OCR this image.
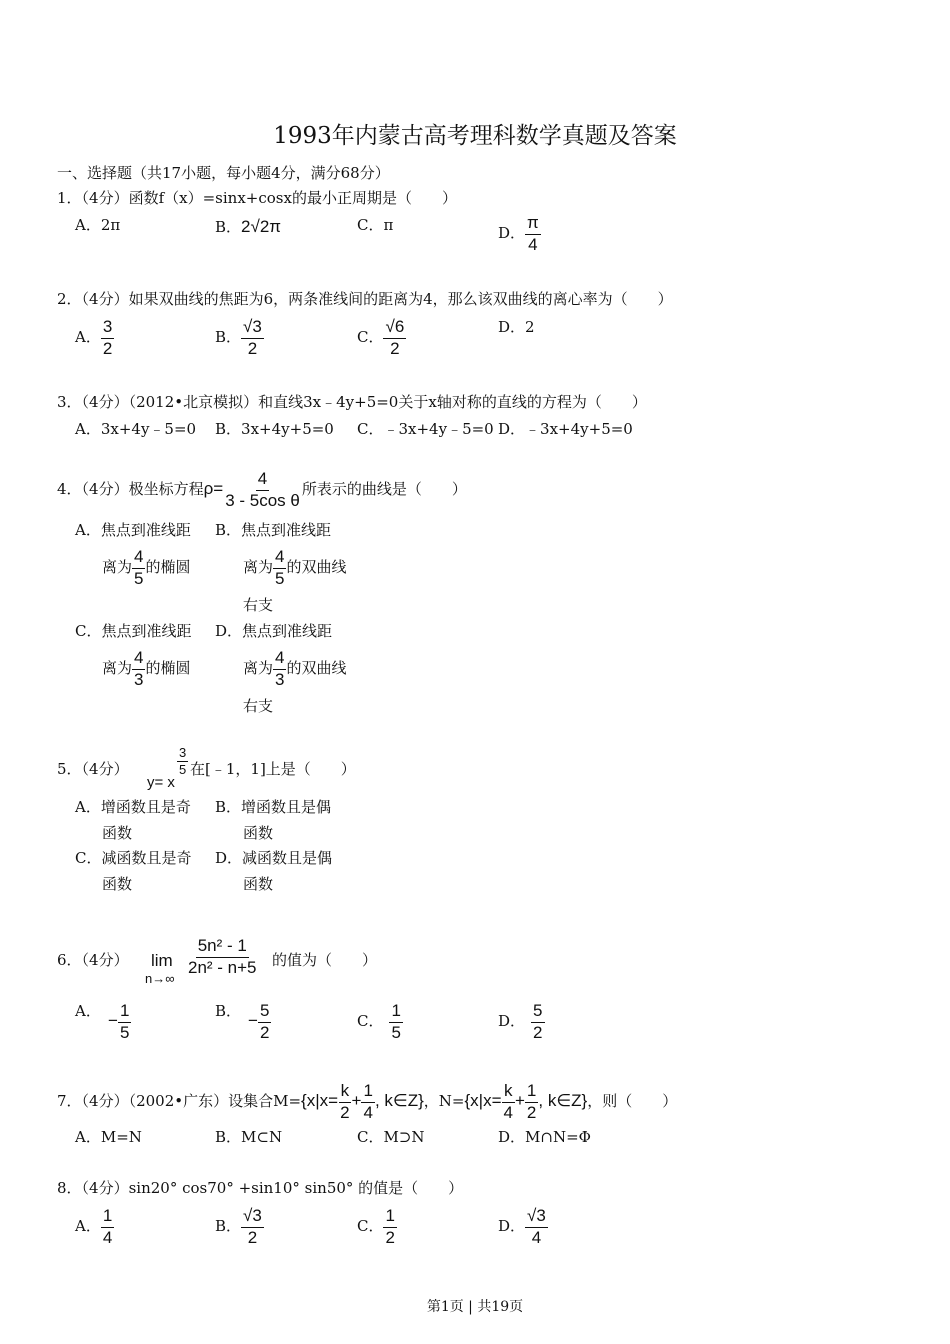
1993年内蒙古高考理科数学真题及答案
一、选择题（共17小题，每小题4分，满分68分）
1．（4分）函数f（x）=sinx+cosx的最小正周期是（　　）
A．2π	B．2√2π	C．π	D． $\frac{\pi}{4}$
2．（4分）如果双曲线的焦距为6，两条准线间的距离为4，那么该双曲线的离心率为（　　）
A． $\frac{3}{2}$	B． $\frac{√3}{2}$	C． $\frac{√6}{2}$	D．2
3．（4分）（2012•北京模拟）和直线3x﹣4y+5=0关于x轴对称的直线的方程为（　　）
A．3x+4y﹣5=0 B．3x+4y+5=0 C．﹣3x+4y﹣5=0 D．﹣3x+4y+5=0
4．（4分）极坐标方程$\rho= \frac{4}{\text{3 - 5cos θ}}$ 所表示的曲线是（　　）
A．焦点到准线距
离为 $\frac{4}{5}$ 的椭圆
B．焦点到准线距
离为 $\frac{4}{5}$ 的双曲线
右支
C．焦点到准线距
离为 $\frac{4}{3}$ 的椭圆
D．焦点到准线距
离为 $\frac{4}{3}$ 的双曲线
右支
5．（4分）
y= x
$\frac{3}{5}$ 在[﹣1，1]上是（　　）
A．增函数且是奇
函数
B．增函数且是偶
函数
C．减函数且是奇
函数
D．减函数且是偶
函数
6．（4分） lim
n→∞
$\frac{\text{5n² - 1}}{\text{2n² - n+5}}$ 的值为（　　）
A．
− $\frac{1}{5}$	B．
− $\frac{5}{2}$	C． $\frac{1}{5}$	D． $\frac{5}{2}$
7．（4分）（2002•广东）设集合$M=\{x|x= \frac{k}{2} + \frac{1}{4}$ , k∈Z}，$N=\{x|x= \frac{k}{4} + \frac{1}{2}$ , k∈Z}，则（　　）
A．M=N	B．M⊂N	C．M⊃N	D．M∩N=Φ
8．（4分）sin20° cos70° +sin10° sin50° 的值是（　　）
A． $\frac{1}{4}$	B． $\frac{√3}{2}$	C． $\frac{1}{2}$	D． $\frac{√3}{4}$
第1页 | 共19页
